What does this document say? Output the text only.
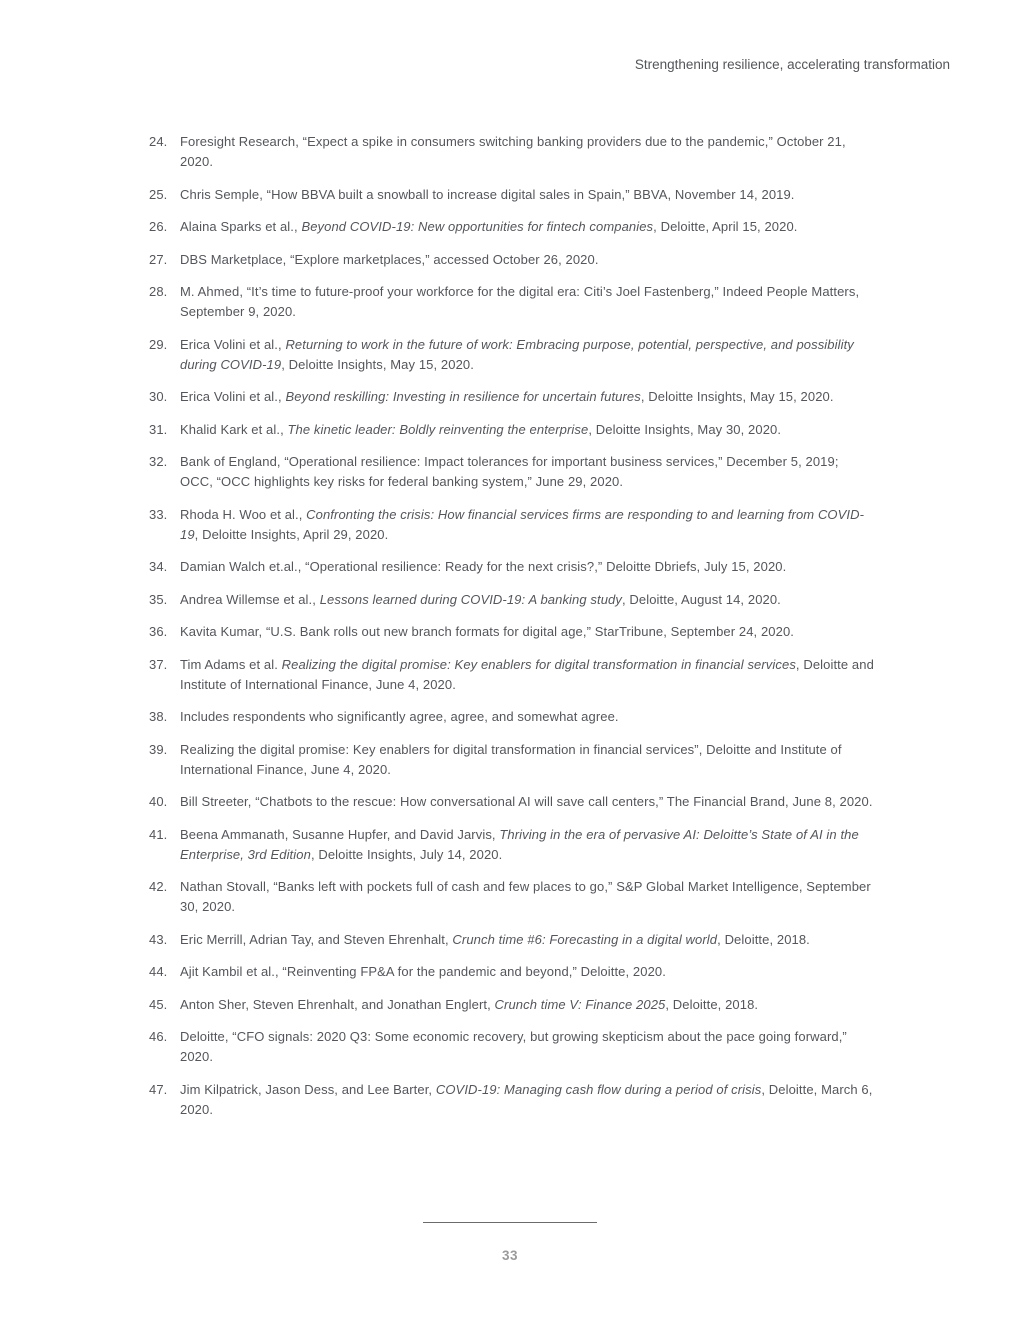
Strengthening resilience, accelerating transformation
24. Foresight Research, “Expect a spike in consumers switching banking providers due to the pandemic,” October 21, 2020.
25. Chris Semple, “How BBVA built a snowball to increase digital sales in Spain,” BBVA, November 14, 2019.
26. Alaina Sparks et al., Beyond COVID-19: New opportunities for fintech companies, Deloitte, April 15, 2020.
27. DBS Marketplace, “Explore marketplaces,” accessed October 26, 2020.
28. M. Ahmed, “It’s time to future-proof your workforce for the digital era: Citi’s Joel Fastenberg,” Indeed People Matters, September 9, 2020.
29. Erica Volini et al., Returning to work in the future of work: Embracing purpose, potential, perspective, and possibility during COVID-19, Deloitte Insights, May 15, 2020.
30. Erica Volini et al., Beyond reskilling: Investing in resilience for uncertain futures, Deloitte Insights, May 15, 2020.
31. Khalid Kark et al., The kinetic leader: Boldly reinventing the enterprise, Deloitte Insights, May 30, 2020.
32. Bank of England, “Operational resilience: Impact tolerances for important business services,” December 5, 2019; OCC, “OCC highlights key risks for federal banking system,” June 29, 2020.
33. Rhoda H. Woo et al., Confronting the crisis: How financial services firms are responding to and learning from COVID-19, Deloitte Insights, April 29, 2020.
34. Damian Walch et.al., “Operational resilience: Ready for the next crisis?,” Deloitte Dbriefs, July 15, 2020.
35. Andrea Willemse et al., Lessons learned during COVID-19: A banking study, Deloitte, August 14, 2020.
36. Kavita Kumar, “U.S. Bank rolls out new branch formats for digital age,” StarTribune, September 24, 2020.
37. Tim Adams et al. Realizing the digital promise: Key enablers for digital transformation in financial services, Deloitte and Institute of International Finance, June 4, 2020.
38. Includes respondents who significantly agree, agree, and somewhat agree.
39. Realizing the digital promise: Key enablers for digital transformation in financial services”, Deloitte and Institute of International Finance, June 4, 2020.
40. Bill Streeter, “Chatbots to the rescue: How conversational AI will save call centers,” The Financial Brand, June 8, 2020.
41. Beena Ammanath, Susanne Hupfer, and David Jarvis, Thriving in the era of pervasive AI: Deloitte’s State of AI in the Enterprise, 3rd Edition, Deloitte Insights, July 14, 2020.
42. Nathan Stovall, “Banks left with pockets full of cash and few places to go,” S&P Global Market Intelligence, September 30, 2020.
43. Eric Merrill, Adrian Tay, and Steven Ehrenhalt, Crunch time #6: Forecasting in a digital world, Deloitte, 2018.
44. Ajit Kambil et al., “Reinventing FP&A for the pandemic and beyond,” Deloitte, 2020.
45. Anton Sher, Steven Ehrenhalt, and Jonathan Englert, Crunch time V: Finance 2025, Deloitte, 2018.
46. Deloitte, “CFO signals: 2020 Q3: Some economic recovery, but growing skepticism about the pace going forward,” 2020.
47. Jim Kilpatrick, Jason Dess, and Lee Barter, COVID-19: Managing cash flow during a period of crisis, Deloitte, March 6, 2020.
33
